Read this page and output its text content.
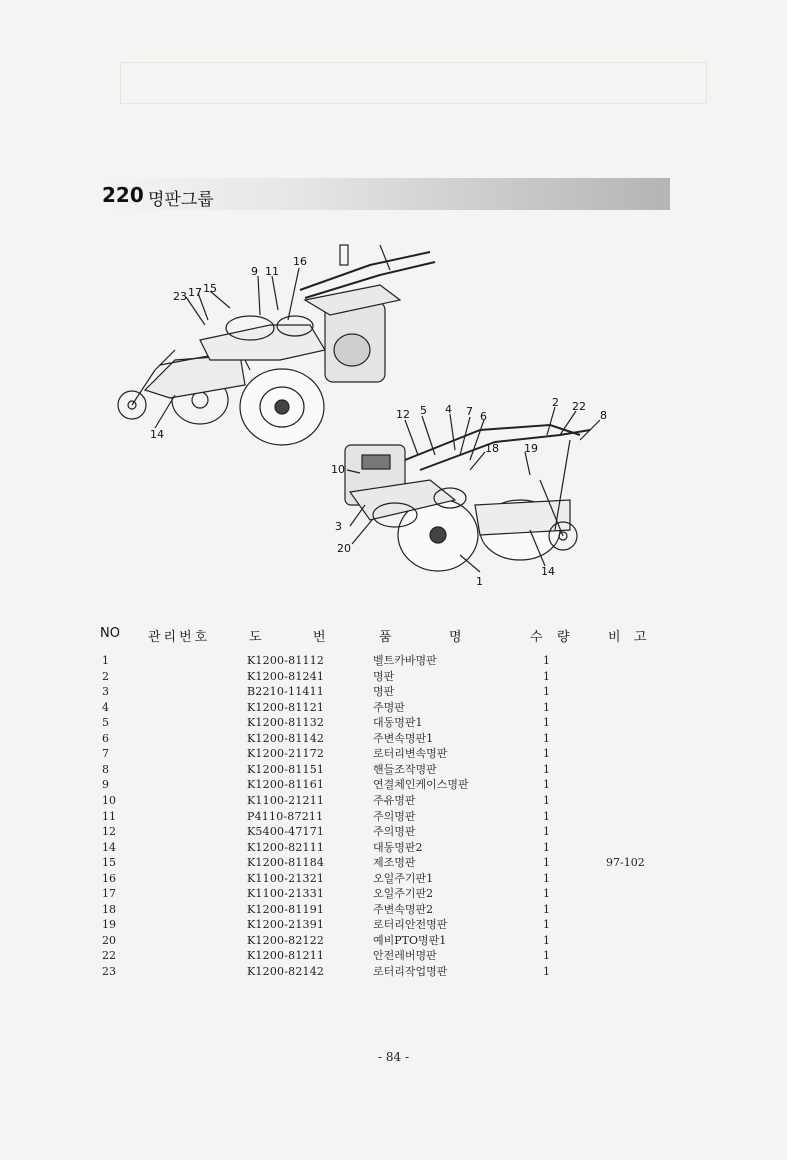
220 명판그룹
9 11
16
23 17 15
14
12 5 4 7 6
2 22
8
18 19
10
3
20
1
14
NO 관리번호	도	번	품	명	수 량	비 고
1	K1200-81112	벨트카바명판	1
2	K1200-81241	명판	1
3	B2210-11411	명판	1
4	K1200-81121	주명판	1
5	K1200-81132	대동명판1	1
6	K1200-81142	주변속명판1	1
7	K1200-21172	로터리변속명판	1
8	K1200-81151	핸들조작명판	1
9	K1200-81161	연결체인케이스명판	1
10	K1100-21211	주유명판	1
11	P4110-87211	주의명판	1
12	K5400-47171	주의명판	1
14	K1200-82111	대동명판2	1
15	K1200-81184	제조명판	1	97-102
16	K1100-21321	오일주기판1	1
17	K1100-21331	오일주기판2	1
18	K1200-81191	주변속명판2	1
19	K1200-21391	로터리안전명판	1
20	K1200-82122	예비PTO명판1	1
22	K1200-81211	안전레버명판	1
23	K1200-82142	로터리작업명판	1
- 84 -
